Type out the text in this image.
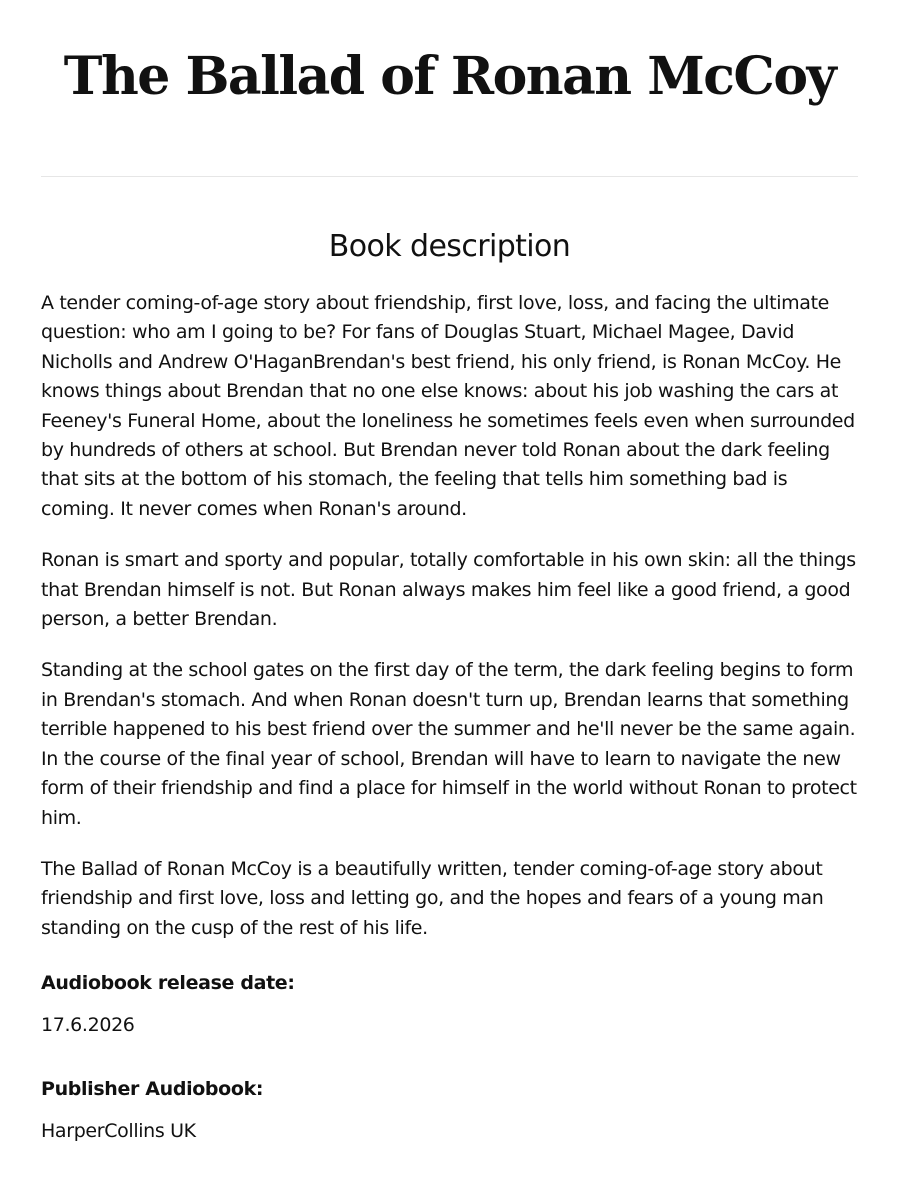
The Ballad of Ronan McCoy
Book description

A tender coming-of-age story about friendship, first love, loss, and facing the ultimate question: who am I going to be? For fans of Douglas Stuart, Michael Magee, David Nicholls and Andrew O'HaganBrendan's best friend, his only friend, is Ronan McCoy. He knows things about Brendan that no one else knows: about his job washing the cars at Feeney's Funeral Home, about the loneliness he sometimes feels even when surrounded by hundreds of others at school. But Brendan never told Ronan about the dark feeling that sits at the bottom of his stomach, the feeling that tells him something bad is coming. It never comes when Ronan's around.

Ronan is smart and sporty and popular, totally comfortable in his own skin: all the things that Brendan himself is not. But Ronan always makes him feel like a good friend, a good person, a better Brendan.

Standing at the school gates on the first day of the term, the dark feeling begins to form in Brendan's stomach. And when Ronan doesn't turn up, Brendan learns that something terrible happened to his best friend over the summer and he'll never be the same again. In the course of the final year of school, Brendan will have to learn to navigate the new form of their friendship and find a place for himself in the world without Ronan to protect him.

The Ballad of Ronan McCoy is a beautifully written, tender coming-of-age story about friendship and first love, loss and letting go, and the hopes and fears of a young man standing on the cusp of the rest of his life.

Audiobook release date:

17.6.2026

Publisher Audiobook:

HarperCollins UK
